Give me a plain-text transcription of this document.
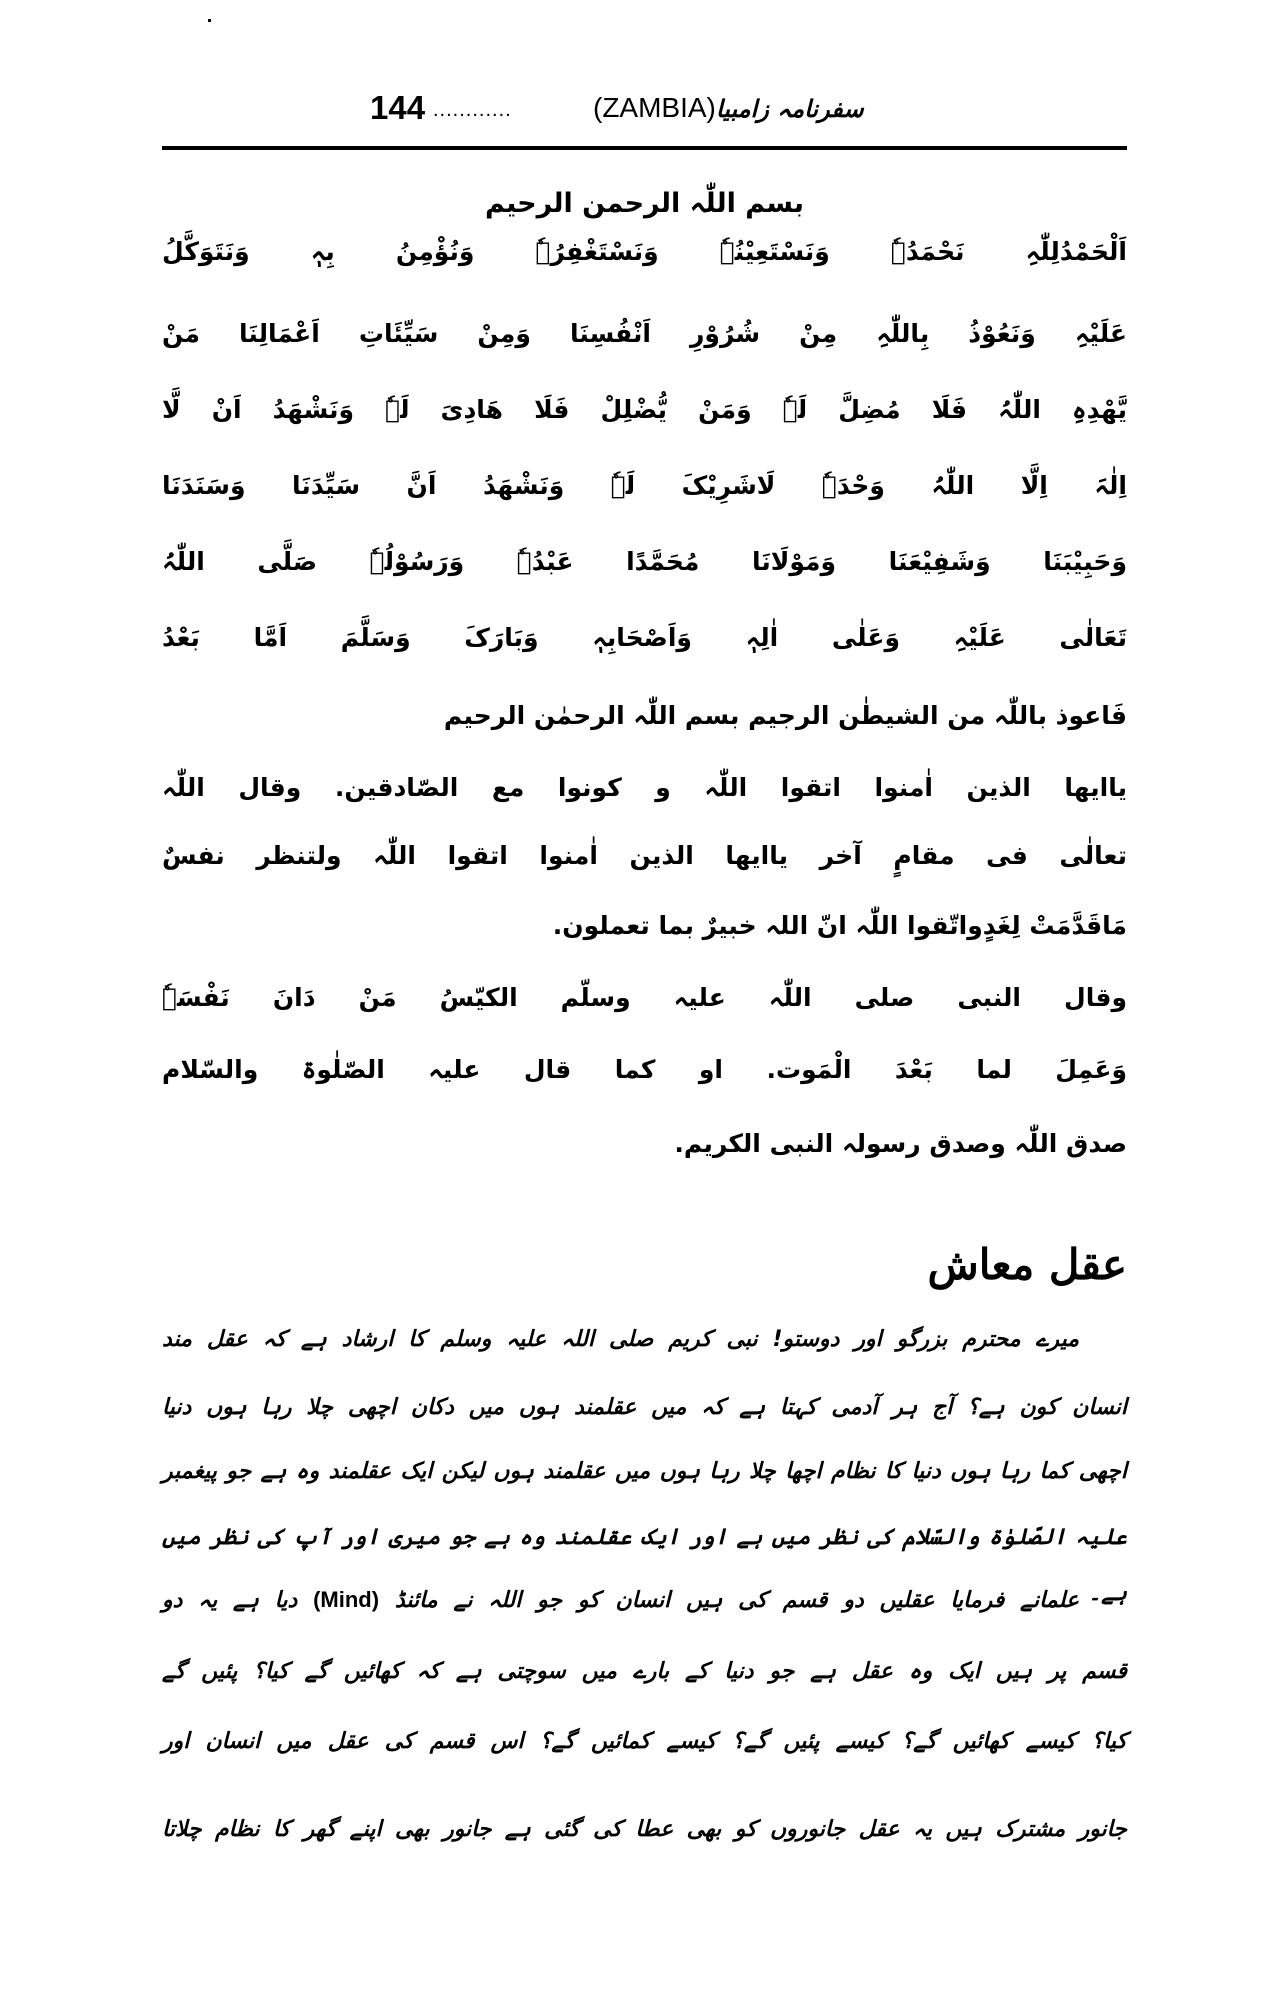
144 ............	(ZAMBIA)سفرنامہ زامبیا
بسم اللّٰہ الرحمن الرحیم
اَلْحَمْدُلِلّٰہِ نَحْمَدُہٗ وَنَسْتَعِیْنُہٗ وَنَسْتَغْفِرُہٗ وَنُؤْمِنُ بِہٖ وَنَتَوَکَّلُ
عَلَیْہِ وَنَعُوْذُ بِاللّٰہِ مِنْ شُرُوْرِ اَنْفُسِنَا وَمِنْ سَیِّئَاتِ اَعْمَالِنَا مَنْ
یَّھْدِہِ اللّٰہُ فَلَا مُضِلَّ لَہٗ وَمَنْ یُّضْلِلْ فَلَا ھَادِیَ لَہٗ وَنَشْھَدُ اَنْ لَّا
اِلٰہَ اِلَّا اللّٰہُ وَحْدَہٗ لَاشَرِیْکَ لَہٗ وَنَشْھَدُ اَنَّ سَیِّدَنَا وَسَنَدَنَا
وَحَبِیْبَنَا وَشَفِیْعَنَا وَمَوْلَانَا مُحَمَّدًا عَبْدُہٗ وَرَسُوْلُہٗ صَلَّی اللّٰہُ
تَعَالٰی عَلَیْہِ وَعَلٰی اٰلِہٖ وَاَصْحَابِہٖ وَبَارَکَ وَسَلَّمَ اَمَّا بَعْدُ
فَاعوذ باللّٰہ من الشیطٰن الرجیم بسم اللّٰہ الرحمٰن الرحیم
یاایھا الذین اٰمنوا اتقوا اللّٰہ و کونوا مع الصّادقین. وقال اللّٰہ
تعالٰی فی مقامٍ آخر یاایھا الذین اٰمنوا اتقوا اللّٰہ ولتنظر نفسٌ
مَاقَدَّمَتْ لِغَدٍواتّقوا اللّٰہ انّ اللہ خبیرٌ بما تعملون.
وقال النبی صلی اللّٰہ علیہ وسلّم الکیّسُ مَنْ دَانَ نَفْسَہٗ
وَعَمِلَ لما بَعْدَ الْمَوت. او کما قال علیہ الصّلٰوۃ والسّلام
صدق اللّٰہ وصدق رسولہ النبی الکریم.
عقل معاش
میرے محترم بزرگو اور دوستو! نبی کریم صلی اللہ علیہ وسلم کا ارشاد ہے کہ عقل مند
انسان کون ہے؟ آج ہر آدمی کہتا ہے کہ میں عقلمند ہوں میں دکان اچھی چلا رہا ہوں دنیا
اچھی کما رہا ہوں دنیا کا نظام اچھا چلا رہا ہوں میں عقلمند ہوں لیکن ایک عقلمند وہ ہے جو پیغمبر
علیہ الصّلوٰۃ والسّلام کی نظر میں ہے اور ایک عقلمند وہ ہے جو میری اور آپ کی نظر میں ہے۔
علمانے فرمایا عقلیں دو قسم کی ہیں انسان کو جو اللہ نے مائنڈ (Mind) دیا ہے یہ دو
قسم پر ہیں ایک وہ عقل ہے جو دنیا کے بارے میں سوچتی ہے کہ کھائیں گے کیا؟ پئیں گے
کیا؟ کیسے کھائیں گے؟ کیسے پئیں گے؟ کیسے کمائیں گے؟ اس قسم کی عقل میں انسان اور
جانور مشترک ہیں یہ عقل جانوروں کو بھی عطا کی گئی ہے جانور بھی اپنے گھر کا نظام چلاتا
